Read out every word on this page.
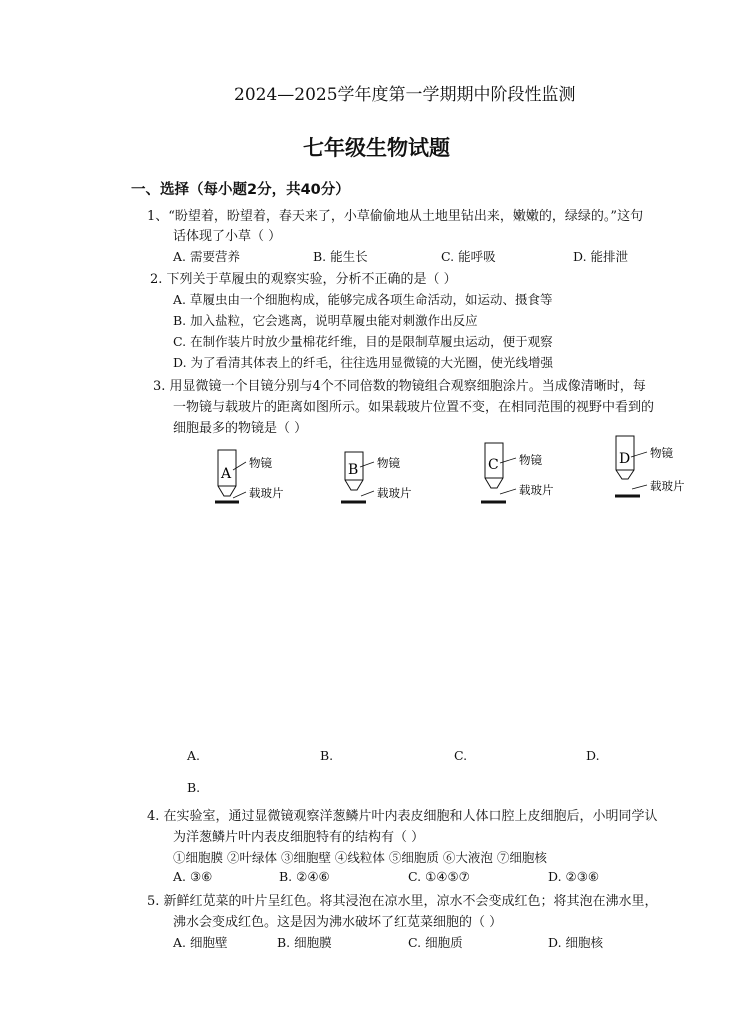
2024—2025学年度第一学期期中阶段性监测
七年级生物试题
一、选择（每小题2分，共40分）
1、“盼望着，盼望着，春天来了，小草偷偷地从土地里钻出来，嫩嫩的，绿绿的。”这句
话体现了小草（ ）
A. 需要营养	B. 能生长	C. 能呼吸	D. 能排泄
2. 下列关于草履虫的观察实验，分析不正确的是（ ）
A. 草履虫由一个细胞构成，能够完成各项生命活动，如运动、摄食等
B. 加入盐粒，它会逃离，说明草履虫能对刺激作出反应
C. 在制作装片时放少量棉花纤维，目的是限制草履虫运动，便于观察
D. 为了看清其体表上的纤毛，往往选用显微镜的大光圈，使光线增强
3. 用显微镜一个目镜分别与4个不同倍数的物镜组合观察细胞涂片。当成像清晰时，每
一物镜与载玻片的距离如图所示。如果载玻片位置不变，在相同范围的视野中看到的
细胞最多的物镜是（ ）
A
物镜
载玻片
B 物镜
载玻片
C 物镜
载玻片
D 物镜
载玻片
A.	B.	C.	D.
B.
4. 在实验室，通过显微镜观察洋葱鳞片叶内表皮细胞和人体口腔上皮细胞后，小明同学认
为洋葱鳞片叶内表皮细胞特有的结构有（ ）
①细胞膜 ②叶绿体 ③细胞壁 ④线粒体 ⑤细胞质 ⑥大液泡 ⑦细胞核
A. ③⑥	B. ②④⑥	C. ①④⑤⑦	D. ②③⑥
5. 新鲜红苋菜的叶片呈红色。将其浸泡在凉水里，凉水不会变成红色；将其泡在沸水里，
沸水会变成红色。这是因为沸水破坏了红苋菜细胞的（ ）
A. 细胞壁	B. 细胞膜	C. 细胞质	D. 细胞核
